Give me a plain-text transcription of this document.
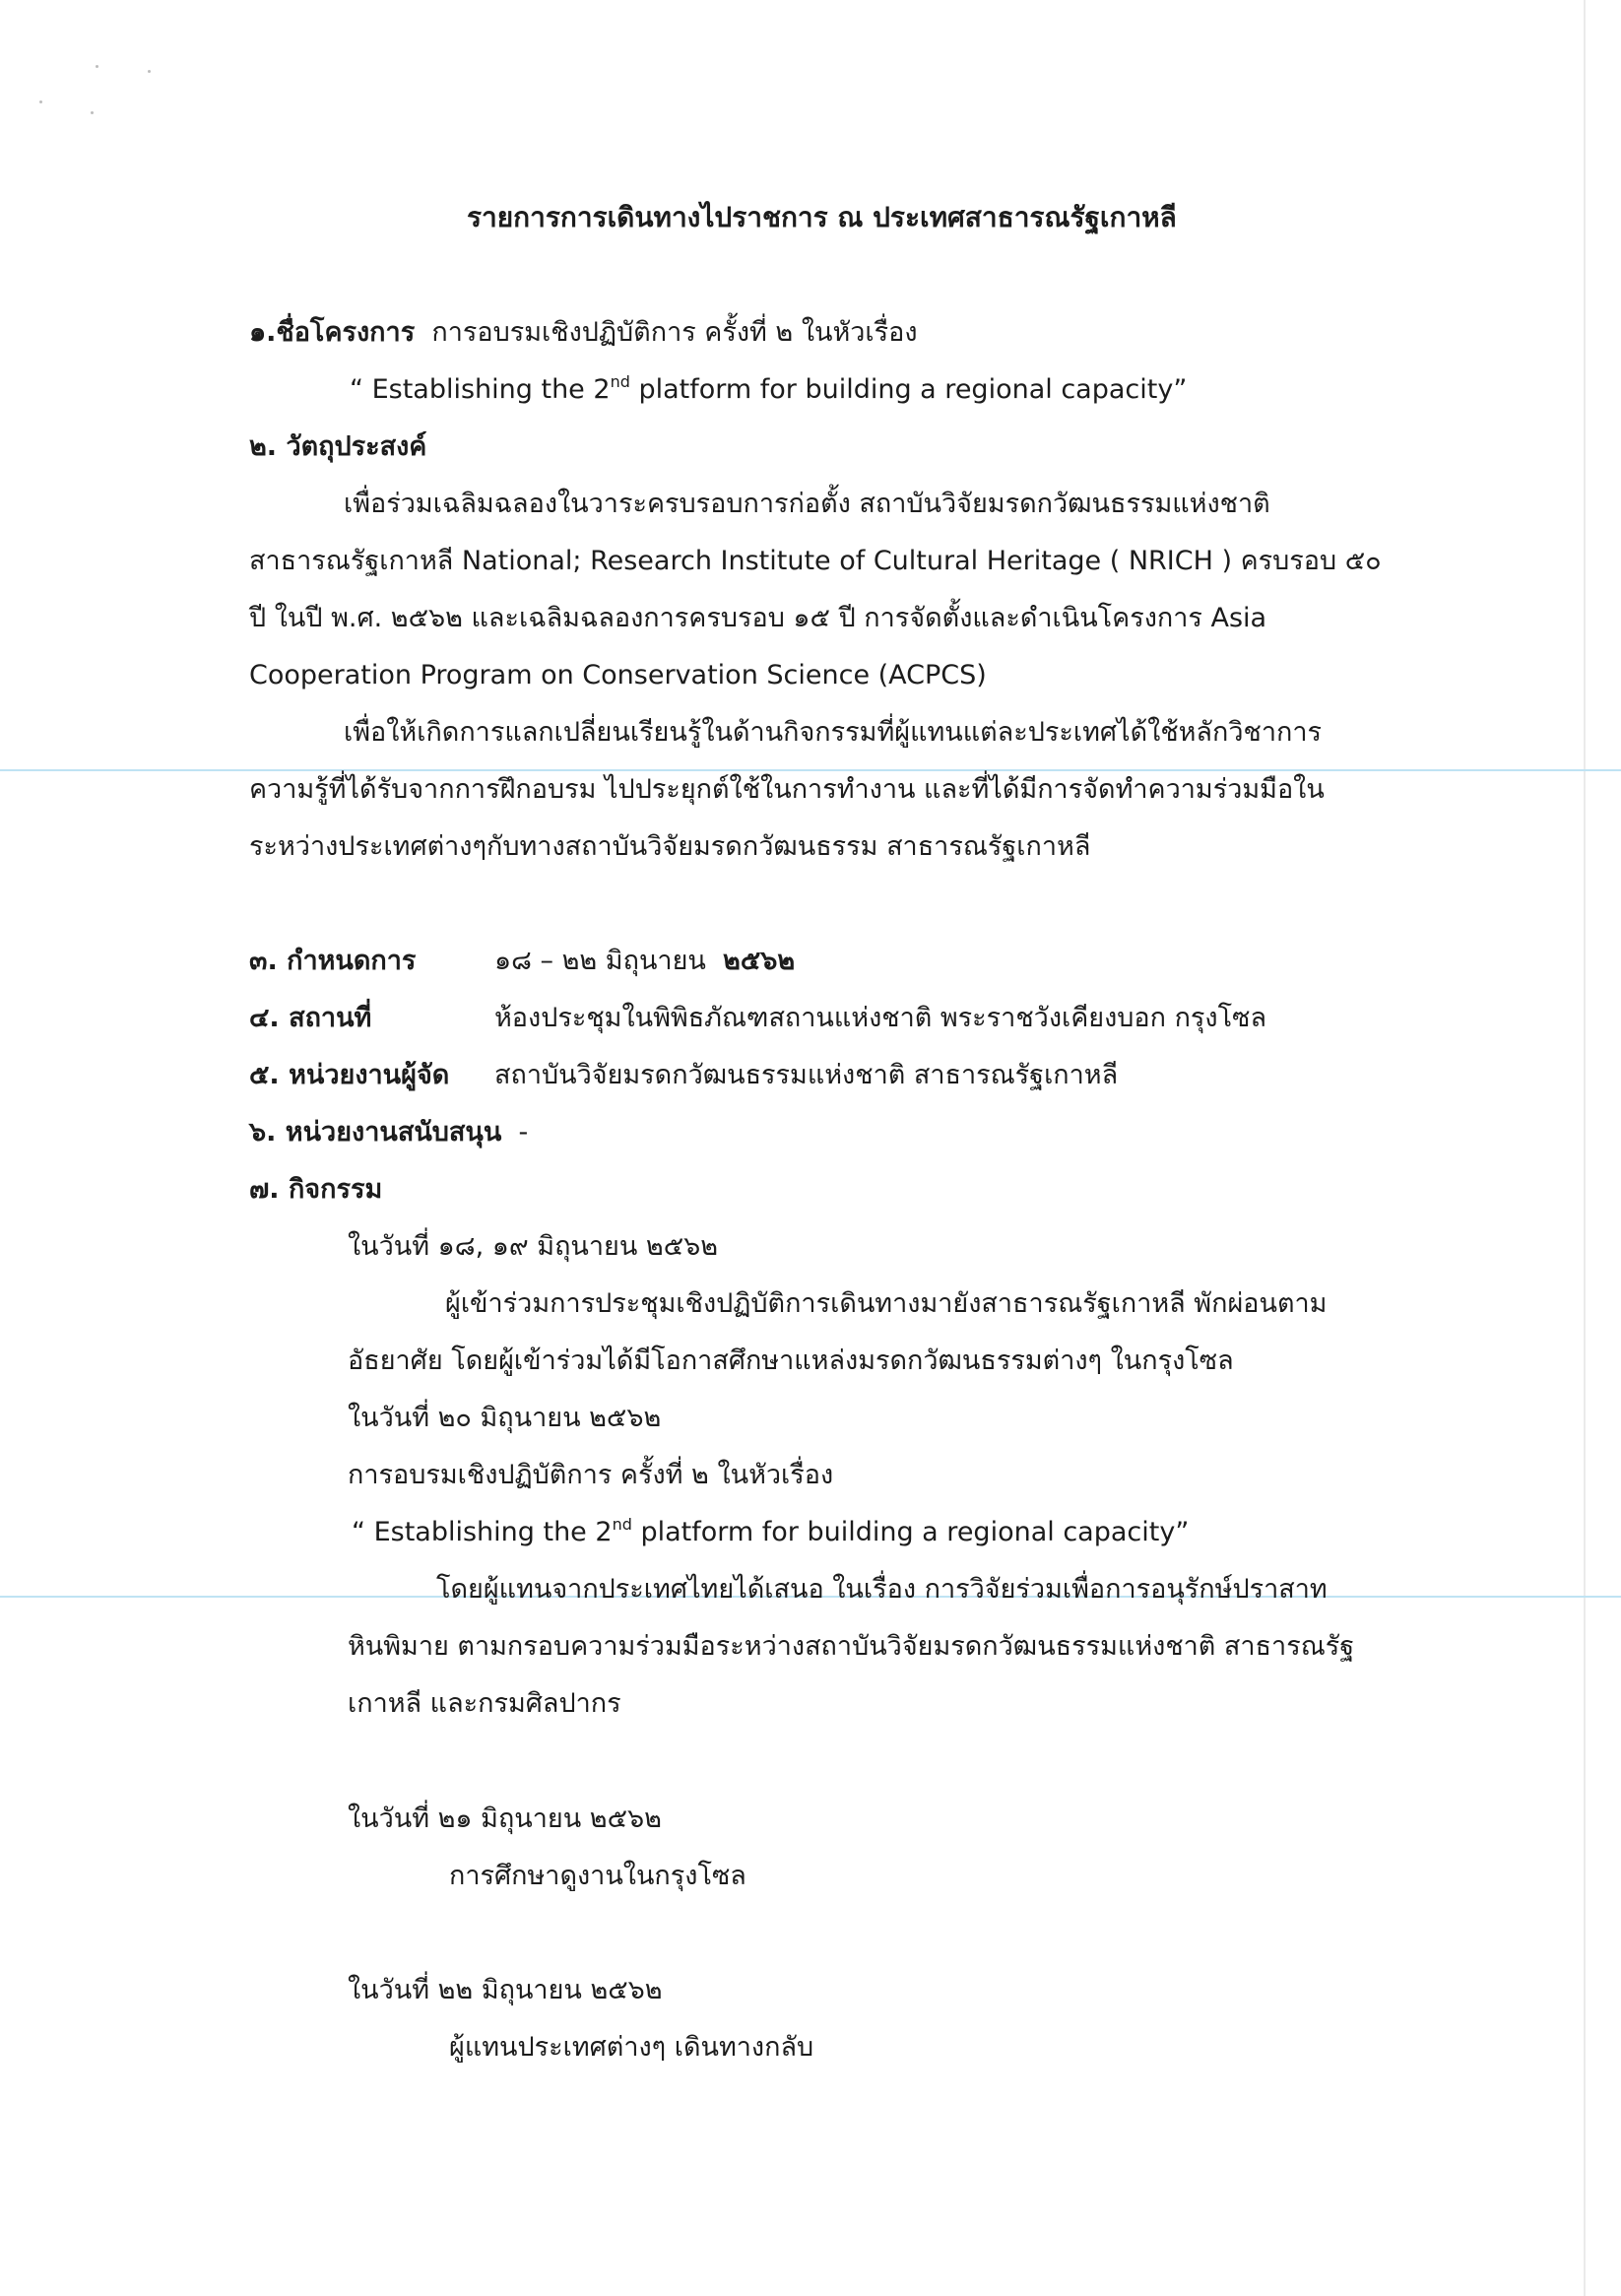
รายการการเดินทางไปราชการ ณ ประเทศสาธารณรัฐเกาหลี
๑.ชื่อโครงการ การอบรมเชิงปฏิบัติการ ครั้งที่ ๒ ในหัวเรื่อง
“ Establishing the 2nd platform for building a regional capacity”
๒. วัตถุประสงค์
เพื่อร่วมเฉลิมฉลองในวาระครบรอบการก่อตั้ง สถาบันวิจัยมรดกวัฒนธรรมแห่งชาติ
สาธารณรัฐเกาหลี National; Research Institute of Cultural Heritage ( NRICH ) ครบรอบ ๕๐
ปี ในปี พ.ศ. ๒๕๖๒ และเฉลิมฉลองการครบรอบ ๑๕ ปี การจัดตั้งและดำเนินโครงการ Asia
Cooperation Program on Conservation Science (ACPCS)
เพื่อให้เกิดการแลกเปลี่ยนเรียนรู้ในด้านกิจกรรมที่ผู้แทนแต่ละประเทศได้ใช้หลักวิชาการ
ความรู้ที่ได้รับจากการฝึกอบรม ไปประยุกต์ใช้ในการทำงาน และที่ได้มีการจัดทำความร่วมมือใน
ระหว่างประเทศต่างๆกับทางสถาบันวิจัยมรดกวัฒนธรรม สาธารณรัฐเกาหลี
๓. กำหนดการ	๑๘ – ๒๒ มิถุนายน ๒๕๖๒
๔. สถานที่	ห้องประชุมในพิพิธภัณฑสถานแห่งชาติ พระราชวังเคียงบอก กรุงโซล
๕. หน่วยงานผู้จัด สถาบันวิจัยมรดกวัฒนธรรมแห่งชาติ สาธารณรัฐเกาหลี
๖. หน่วยงานสนับสนุน -
๗. กิจกรรม
ในวันที่ ๑๘, ๑๙ มิถุนายน ๒๕๖๒
ผู้เข้าร่วมการประชุมเชิงปฏิบัติการเดินทางมายังสาธารณรัฐเกาหลี พักผ่อนตาม
อัธยาศัย โดยผู้เข้าร่วมได้มีโอกาสศึกษาแหล่งมรดกวัฒนธรรมต่างๆ ในกรุงโซล
ในวันที่ ๒๐ มิถุนายน ๒๕๖๒
การอบรมเชิงปฏิบัติการ ครั้งที่ ๒ ในหัวเรื่อง
“ Establishing the 2nd platform for building a regional capacity”
โดยผู้แทนจากประเทศไทยได้เสนอ ในเรื่อง การวิจัยร่วมเพื่อการอนุรักษ์ปราสาท
หินพิมาย ตามกรอบความร่วมมือระหว่างสถาบันวิจัยมรดกวัฒนธรรมแห่งชาติ สาธารณรัฐ
เกาหลี และกรมศิลปากร
ในวันที่ ๒๑ มิถุนายน ๒๕๖๒
การศึกษาดูงานในกรุงโซล
ในวันที่ ๒๒ มิถุนายน ๒๕๖๒
ผู้แทนประเทศต่างๆ เดินทางกลับ
